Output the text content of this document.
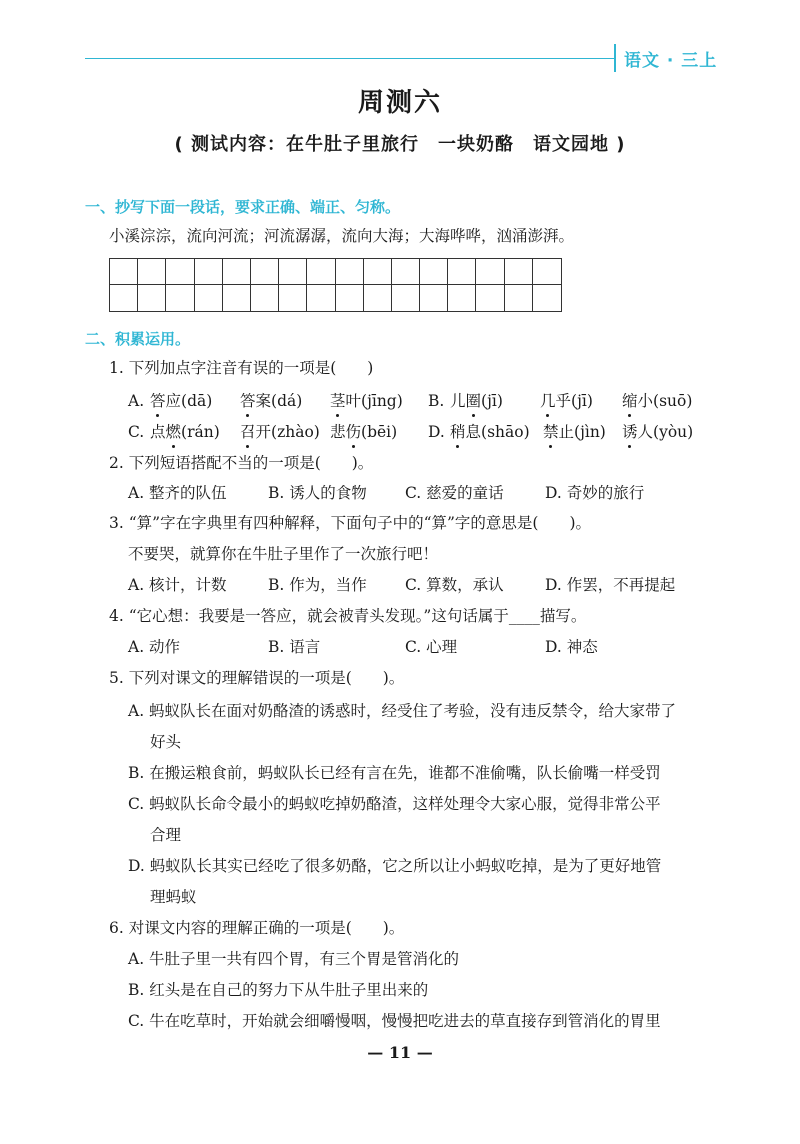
语文 · 三上
周测六
( 测试内容：在牛肚子里旅行　一块奶酪　语文园地 )
一、抄写下面一段话，要求正确、端正、匀称。
小溪淙淙，流向河流；河流潺潺，流向大海；大海哗哗，汹涌澎湃。
二、积累运用。
1. 下列加点字注音有误的一项是(　　)
A. 答应(dā) 答案(dá) 茎叶(jīng) B. 儿圈(jī) 几乎(jī) 缩小(suō)
C. 点燃(rán) 召开(zhào) 悲伤(bēi) D. 稍息(shāo) 禁止(jìn) 诱人(yòu)
2. 下列短语搭配不当的一项是(　　)。
A. 整齐的队伍	B. 诱人的食物 C. 慈爱的童话	D. 奇妙的旅行
3. “算”字在字典里有四种解释，下面句子中的“算”字的意思是(　　)。
不要哭，就算你在牛肚子里作了一次旅行吧！
A. 核计，计数	B. 作为，当作 C. 算数，承认	D. 作罢，不再提起
4. “它心想：我要是一答应，就会被青头发现。”这句话属于____描写。
A. 动作	B. 语言	C. 心理	D. 神态
5. 下列对课文的理解错误的一项是(　　)。
A. 蚂蚁队长在面对奶酪渣的诱惑时，经受住了考验，没有违反禁令，给大家带了
好头
B. 在搬运粮食前，蚂蚁队长已经有言在先，谁都不准偷嘴，队长偷嘴一样受罚
C. 蚂蚁队长命令最小的蚂蚁吃掉奶酪渣，这样处理令大家心服，觉得非常公平
合理
D. 蚂蚁队长其实已经吃了很多奶酪，它之所以让小蚂蚁吃掉，是为了更好地管
理蚂蚁
6. 对课文内容的理解正确的一项是(　　)。
A. 牛肚子里一共有四个胃，有三个胃是管消化的
B. 红头是在自己的努力下从牛肚子里出来的
C. 牛在吃草时，开始就会细嚼慢咽，慢慢把吃进去的草直接存到管消化的胃里
— 11 —
